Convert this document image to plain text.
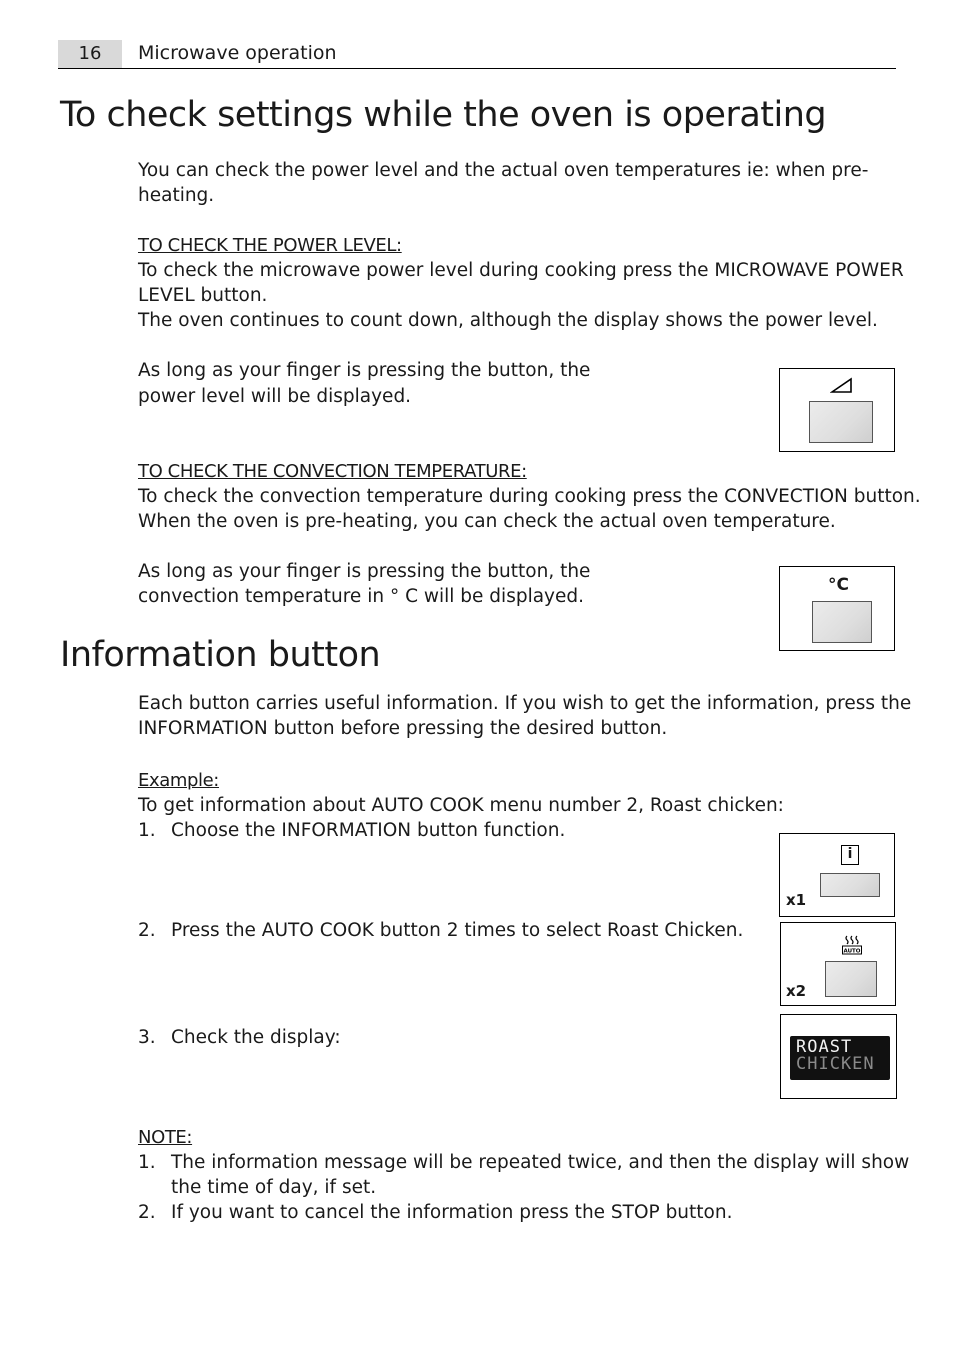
16	Microwave operation
To check settings while the oven is operating
You can check the power level and the actual oven temperatures ie: when pre-
heating.
TO CHECK THE POWER LEVEL:
To check the microwave power level during cooking press the MICROWAVE POWER
LEVEL button.
The oven continues to count down, although the display shows the power level.
As long as your finger is pressing the button, the
power level will be displayed.
TO CHECK THE CONVECTION TEMPERATURE:
To check the convection temperature during cooking press the CONVECTION button.
When the oven is pre-heating, you can check the actual oven temperature.
As long as your finger is pressing the button, the
convection temperature in ° C will be displayed.
°C
Information button
Each button carries useful information. If you wish to get the information, press the
INFORMATION button before pressing the desired button.
Example:
To get information about AUTO COOK menu number 2, Roast chicken:
1. Choose the INFORMATION button function.
i
x1
2. Press the AUTO COOK button 2 times to select Roast Chicken.
AUTO
x2
3. Check the display:	ROAST
CHICKEN
NOTE:
1. The information message will be repeated twice, and then the display will show
the time of day, if set.
2. If you want to cancel the information press the STOP button.
